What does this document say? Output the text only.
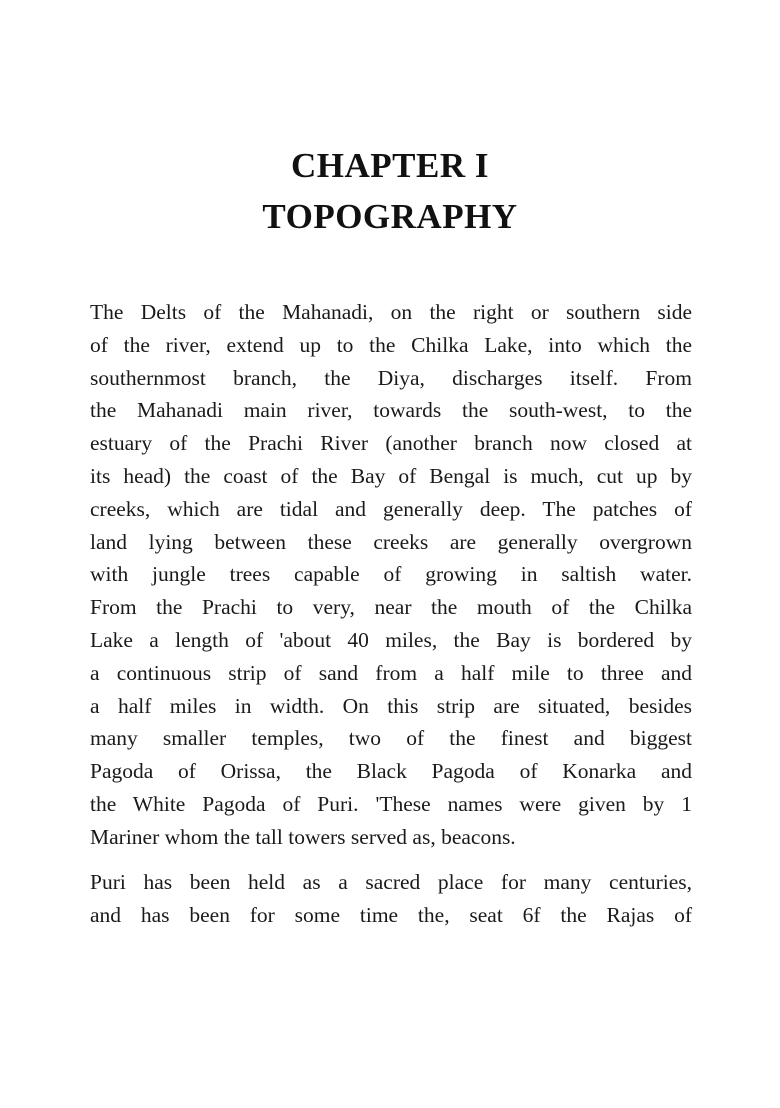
CHAPTER I
TOPOGRAPHY
The Delts of the Mahanadi, on the right or southern side
of the river, extend up to the Chilka Lake, into which the
southernmost branch, the Diya, discharges itself. From
the Mahanadi main river, towards the south-west, to the
estuary of the Prachi River (another branch now closed at
its head) the coast of the Bay of Bengal is much, cut up by
creeks, which are tidal and generally deep. The patches of
land lying between these creeks are generally overgrown
with jungle trees capable of growing in saltish water.
From the Prachi to very, near the mouth of the Chilka
Lake a length of 'about 40 miles, the Bay is bordered by
a continuous strip of sand from a half mile to three and
a half miles in width. On this strip are situated, besides
many smaller temples, two of the finest and biggest
Pagoda of Orissa, the Black Pagoda of Konarka and
the White Pagoda of Puri. 'These names were given by 1
Mariner whom the tall towers served as, beacons.
Puri has been held as a sacred place for many centuries,
and has been for some time the, seat 6f the Rajas of
